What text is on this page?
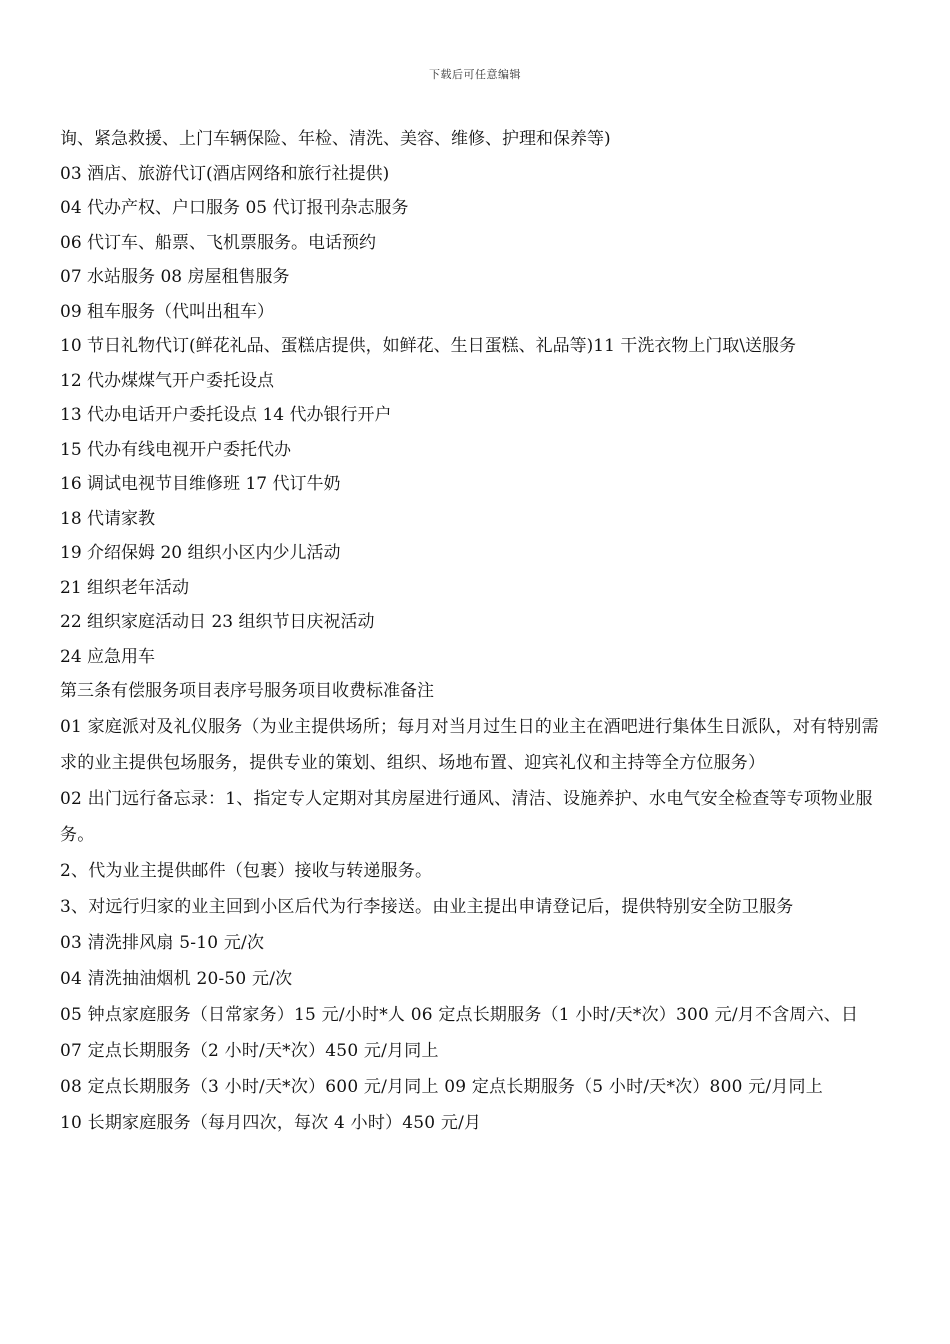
下载后可任意编辑
询、紧急救援、上门车辆保险、年检、清洗、美容、维修、护理和保养等)
03 酒店、旅游代订(酒店网络和旅行社提供)
04 代办产权、户口服务 05 代订报刊杂志服务
06 代订车、船票、飞机票服务。电话预约
07 水站服务 08 房屋租售服务
09 租车服务（代叫出租车）
10 节日礼物代订(鲜花礼品、蛋糕店提供，如鲜花、生日蛋糕、礼品等)11 干洗衣物上门取\送服务
12 代办煤煤气开户委托设点
13 代办电话开户委托设点 14 代办银行开户
15 代办有线电视开户委托代办
16 调试电视节目维修班 17 代订牛奶
18 代请家教
19 介绍保姆 20 组织小区内少儿活动
21 组织老年活动
22 组织家庭活动日 23 组织节日庆祝活动
24 应急用车
第三条有偿服务项目表序号服务项目收费标准备注
01 家庭派对及礼仪服务（为业主提供场所；每月对当月过生日的业主在酒吧进行集体生日派队，对有特别需求的业主提供包场服务，提供专业的策划、组织、场地布置、迎宾礼仪和主持等全方位服务）
02 出门远行备忘录：1、指定专人定期对其房屋进行通风、清洁、设施养护、水电气安全检查等专项物业服务。
2、代为业主提供邮件（包裹）接收与转递服务。
3、对远行归家的业主回到小区后代为行李接送。由业主提出申请登记后，提供特别安全防卫服务
03 清洗排风扇 5-10 元/次
04 清洗抽油烟机 20-50 元/次
05 钟点家庭服务（日常家务）15 元/小时*人 06 定点长期服务（1 小时/天*次）300 元/月不含周六、日
07 定点长期服务（2 小时/天*次）450 元/月同上
08 定点长期服务（3 小时/天*次）600 元/月同上 09 定点长期服务（5 小时/天*次）800 元/月同上
10 长期家庭服务（每月四次，每次 4 小时）450 元/月
